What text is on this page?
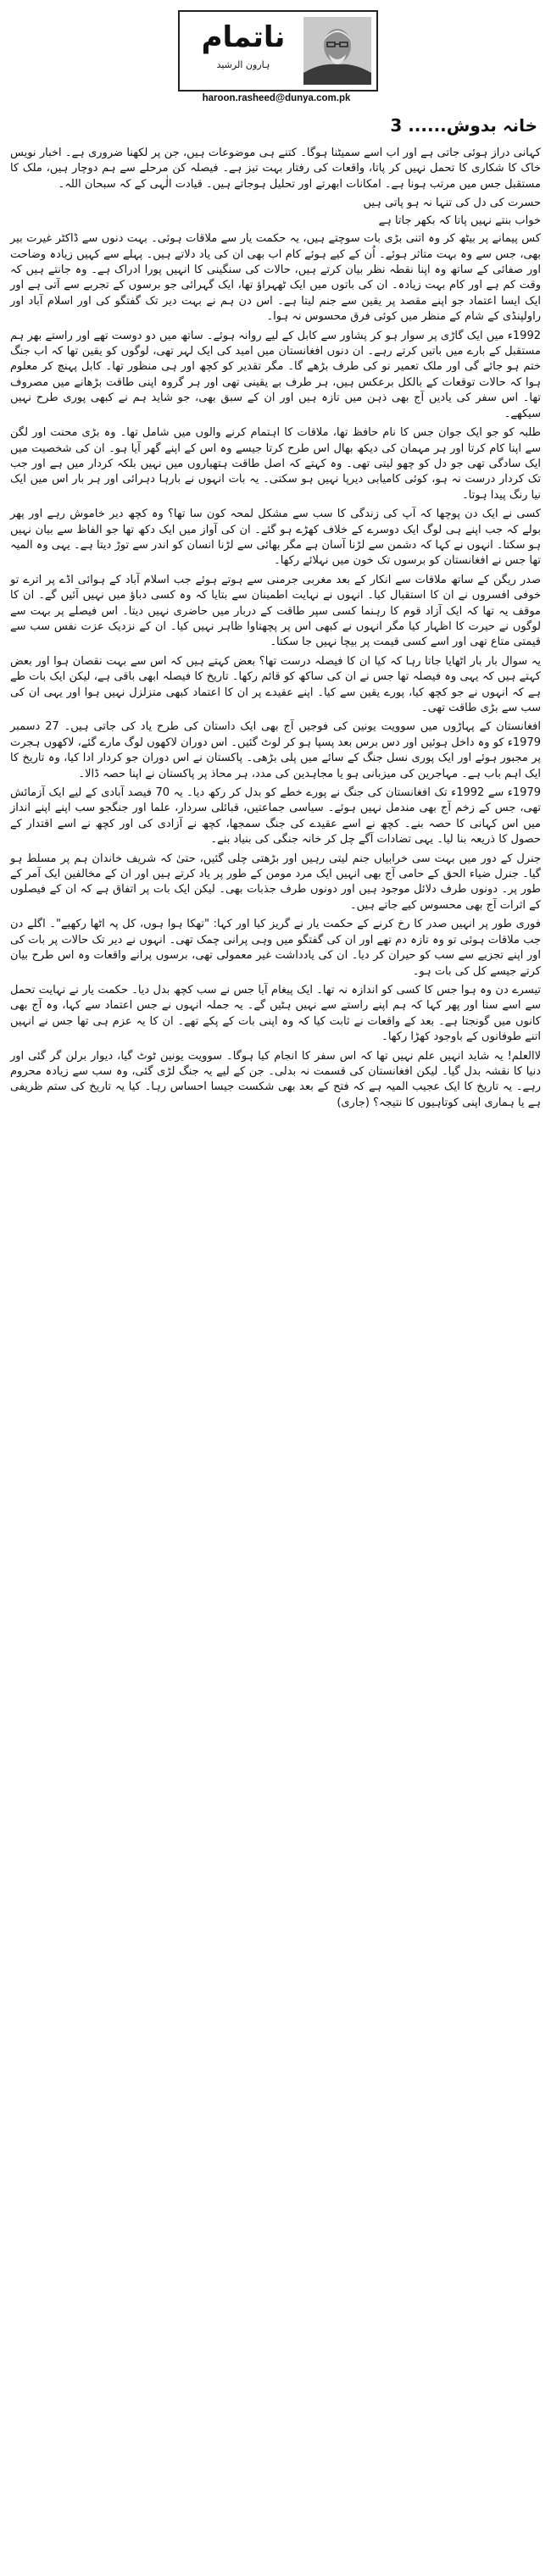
ناتمام
ہارون الرشید
haroon.rasheed@dunya.com.pk
خانہ بدوش...... 3

کہانی دراز ہوئی جاتی ہے اور اب اسے سمیٹنا ہوگا۔ کتنے ہی موضوعات ہیں، جن پر لکھنا ضروری ہے۔ اخبار نویس خاک کا شکاری کا تحمل نہیں کر پاتا، واقعات کی رفتار بہت تیز ہے۔ فیصلہ کن مرحلے سے ہم دوچار ہیں، ملک کا مستقبل جس میں مرتب ہونا ہے۔ امکانات ابھرتے اور تحلیل ہوجاتے ہیں۔ قیادت الٰہی کے کہ سبحان اللہ۔

حسرت کی دل کی تنہا نہ ہو پاتی ہیں
خواب بنتے نہیں پاتا کہ بکھر جاتا ہے

کس پیمانے پر بیٹھ کر وہ اتنی بڑی بات سوچتے ہیں، یہ حکمت یار سے ملاقات ہوئی۔ بہت دنوں سے ڈاکٹر غیرت بیر بھی، جس سے وہ بہت متاثر ہوئے۔ اُن کے کیے ہوئے کام اب بھی ان کی یاد دلاتے ہیں۔ پہلے سے کہیں زیادہ وضاحت اور صفائی کے ساتھ وہ اپنا نقطہ نظر بیان کرتے ہیں، حالات کی سنگینی کا انہیں پورا ادراک ہے۔ وہ جانتے ہیں کہ وقت کم ہے اور کام بہت زیادہ۔ ان کی باتوں میں ایک ٹھہراؤ تھا، ایک گہرائی جو برسوں کے تجربے سے آتی ہے اور ایک ایسا اعتماد جو اپنے مقصد پر یقین سے جنم لیتا ہے۔ اس دن ہم نے بہت دیر تک گفتگو کی اور اسلام آباد اور راولپنڈی کے شام کے منظر میں کوئی فرق محسوس نہ ہوا۔

1992ء میں ایک گاڑی پر سوار ہو کر پشاور سے کابل کے لیے روانہ ہوئے۔ ساتھ میں دو دوست تھے اور راستے بھر ہم مستقبل کے بارے میں باتیں کرتے رہے۔ ان دنوں افغانستان میں امید کی ایک لہر تھی، لوگوں کو یقین تھا کہ اب جنگ ختم ہو جائے گی اور ملک تعمیر نو کی طرف بڑھے گا۔ مگر تقدیر کو کچھ اور ہی منظور تھا۔ کابل پہنچ کر معلوم ہوا کہ حالات توقعات کے بالکل برعکس ہیں، ہر طرف بے یقینی تھی اور ہر گروہ اپنی طاقت بڑھانے میں مصروف تھا۔ اس سفر کی یادیں آج بھی ذہن میں تازہ ہیں اور ان کے سبق بھی، جو شاید ہم نے کبھی پوری طرح نہیں سیکھے۔

طلبہ کو جو ایک جوان جس کا نام حافظ تھا، ملاقات کا اہتمام کرنے والوں میں شامل تھا۔ وہ بڑی محنت اور لگن سے اپنا کام کرتا اور ہر مہمان کی دیکھ بھال اس طرح کرتا جیسے وہ اس کے اپنے گھر آیا ہو۔ ان کی شخصیت میں ایک سادگی تھی جو دل کو چھو لیتی تھی۔ وہ کہتے کہ اصل طاقت ہتھیاروں میں نہیں بلکہ کردار میں ہے اور جب تک کردار درست نہ ہو، کوئی کامیابی دیرپا نہیں ہو سکتی۔ یہ بات انہوں نے بارہا دہرائی اور ہر بار اس میں ایک نیا رنگ پیدا ہوتا۔

کسی نے ایک دن پوچھا کہ آپ کی زندگی کا سب سے مشکل لمحہ کون سا تھا؟ وہ کچھ دیر خاموش رہے اور پھر بولے کہ جب اپنے ہی لوگ ایک دوسرے کے خلاف کھڑے ہو گئے۔ ان کی آواز میں ایک دکھ تھا جو الفاظ سے بیان نہیں ہو سکتا۔ انہوں نے کہا کہ دشمن سے لڑنا آسان ہے مگر بھائی سے لڑنا انسان کو اندر سے توڑ دیتا ہے۔ یہی وہ المیہ تھا جس نے افغانستان کو برسوں تک خون میں نہلائے رکھا۔

صدر ریگن کے ساتھ ملاقات سے انکار کے بعد مغربی جرمنی سے ہوتے ہوئے جب اسلام آباد کے ہوائی اڈے پر اترے تو خوفی افسروں نے ان کا استقبال کیا۔ انہوں نے نہایت اطمینان سے بتایا کہ وہ کسی دباؤ میں نہیں آئیں گے۔ ان کا موقف یہ تھا کہ ایک آزاد قوم کا رہنما کسی سپر طاقت کے دربار میں حاضری نہیں دیتا۔ اس فیصلے پر بہت سے لوگوں نے حیرت کا اظہار کیا مگر انہوں نے کبھی اس پر پچھتاوا ظاہر نہیں کیا۔ ان کے نزدیک عزت نفس سب سے قیمتی متاع تھی اور اسے کسی قیمت پر بیچا نہیں جا سکتا۔

یہ سوال بار بار اٹھایا جاتا رہا کہ کیا ان کا فیصلہ درست تھا؟ بعض کہتے ہیں کہ اس سے بہت نقصان ہوا اور بعض کہتے ہیں کہ یہی وہ فیصلہ تھا جس نے ان کی ساکھ کو قائم رکھا۔ تاریخ کا فیصلہ ابھی باقی ہے، لیکن ایک بات طے ہے کہ انہوں نے جو کچھ کیا، پورے یقین سے کیا۔ اپنے عقیدے پر ان کا اعتماد کبھی متزلزل نہیں ہوا اور یہی ان کی سب سے بڑی طاقت تھی۔

افغانستان کے پہاڑوں میں سوویت یونین کی فوجیں آج بھی ایک داستان کی طرح یاد کی جاتی ہیں۔ 27 دسمبر 1979ء کو وہ داخل ہوئیں اور دس برس بعد پسپا ہو کر لوٹ گئیں۔ اس دوران لاکھوں لوگ مارے گئے، لاکھوں ہجرت پر مجبور ہوئے اور ایک پوری نسل جنگ کے سائے میں پلی بڑھی۔ پاکستان نے اس دوران جو کردار ادا کیا، وہ تاریخ کا ایک اہم باب ہے۔ مہاجرین کی میزبانی ہو یا مجاہدین کی مدد، ہر محاذ پر پاکستان نے اپنا حصہ ڈالا۔

1979ء سے 1992ء تک افغانستان کی جنگ نے پورے خطے کو بدل کر رکھ دیا۔ یہ 70 فیصد آبادی کے لیے ایک آزمائش تھی، جس کے زخم آج بھی مندمل نہیں ہوئے۔ سیاسی جماعتیں، قبائلی سردار، علما اور جنگجو سب اپنے اپنے انداز میں اس کہانی کا حصہ بنے۔ کچھ نے اسے عقیدے کی جنگ سمجھا، کچھ نے آزادی کی اور کچھ نے اسے اقتدار کے حصول کا ذریعہ بنا لیا۔ یہی تضادات آگے چل کر خانہ جنگی کی بنیاد بنے۔

جنرل کے دور میں بہت سی خرابیاں جنم لیتی رہیں اور بڑھتی چلی گئیں، حتیٰ کہ شریف خاندان ہم پر مسلط ہو گیا۔ جنرل ضیاء الحق کے حامی آج بھی انہیں ایک مرد مومن کے طور پر یاد کرتے ہیں اور ان کے مخالفین ایک آمر کے طور پر۔ دونوں طرف دلائل موجود ہیں اور دونوں طرف جذبات بھی۔ لیکن ایک بات پر اتفاق ہے کہ ان کے فیصلوں کے اثرات آج بھی محسوس کیے جاتے ہیں۔

فوری طور پر انہیں صدر کا رخ کرنے کے حکمت یار نے گریز کیا اور کہا: "تھکا ہوا ہوں، کل پہ اٹھا رکھیے"۔ اگلے دن جب ملاقات ہوئی تو وہ تازہ دم تھے اور ان کی گفتگو میں وہی پرانی چمک تھی۔ انہوں نے دیر تک حالات پر بات کی اور اپنے تجزیے سے سب کو حیران کر دیا۔ ان کی یادداشت غیر معمولی تھی، برسوں پرانے واقعات وہ اس طرح بیان کرتے جیسے کل کی بات ہو۔

تیسرے دن وہ ہوا جس کا کسی کو اندازہ نہ تھا۔ ایک پیغام آیا جس نے سب کچھ بدل دیا۔ حکمت یار نے نہایت تحمل سے اسے سنا اور پھر کہا کہ ہم اپنے راستے سے نہیں ہٹیں گے۔ یہ جملہ انہوں نے جس اعتماد سے کہا، وہ آج بھی کانوں میں گونجتا ہے۔ بعد کے واقعات نے ثابت کیا کہ وہ اپنی بات کے پکے تھے۔ ان کا یہ عزم ہی تھا جس نے انہیں اتنے طوفانوں کے باوجود کھڑا رکھا۔

لاالعلم! یہ شاید انہیں علم نہیں تھا کہ اس سفر کا انجام کیا ہوگا۔ سوویت یونین ٹوٹ گیا، دیوار برلن گر گئی اور دنیا کا نقشہ بدل گیا۔ لیکن افغانستان کی قسمت نہ بدلی۔ جن کے لیے یہ جنگ لڑی گئی، وہ سب سے زیادہ محروم رہے۔ یہ تاریخ کا ایک عجیب المیہ ہے کہ فتح کے بعد بھی شکست جیسا احساس رہا۔ کیا یہ تاریخ کی ستم ظریفی ہے یا ہماری اپنی کوتاہیوں کا نتیجہ؟ (جاری)
